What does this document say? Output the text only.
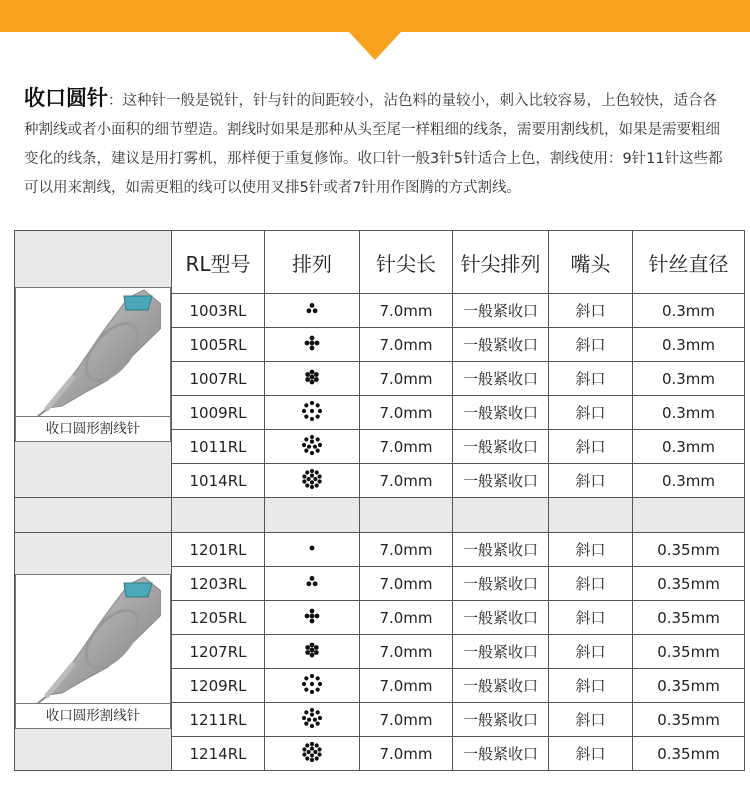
收口圆针：这种针一般是锐针，针与针的间距较小，沾色料的量较小，刺入比较容易，上色较快，适合各种割线或者小面积的细节塑造。割线时如果是那种从头至尾一样粗细的线条，需要用割线机，如果是需要粗细变化的线条，建议是用打雾机，那样便于重复修饰。收口针一般3针5针适合上色，割线使用：9针11针这些都可以用来割线，如需更粗的线可以使用叉排5针或者7针用作图腾的方式割线。
收口圆形割线针	RL型号	排列	针尖长	针尖排列	嘴头	针丝直径
	1003RL		7.0mm	一般紧收口	斜口	0.3mm
	1005RL		7.0mm	一般紧收口	斜口	0.3mm
	1007RL		7.0mm	一般紧收口	斜口	0.3mm
	1009RL		7.0mm	一般紧收口	斜口	0.3mm
	1011RL		7.0mm	一般紧收口	斜口	0.3mm
	1014RL		7.0mm	一般紧收口	斜口	0.3mm

收口圆形割线针	1201RL		7.0mm	一般紧收口	斜口	0.35mm
	1203RL		7.0mm	一般紧收口	斜口	0.35mm
	1205RL		7.0mm	一般紧收口	斜口	0.35mm
	1207RL		7.0mm	一般紧收口	斜口	0.35mm
	1209RL		7.0mm	一般紧收口	斜口	0.35mm
	1211RL		7.0mm	一般紧收口	斜口	0.35mm
	1214RL		7.0mm	一般紧收口	斜口	0.35mm
